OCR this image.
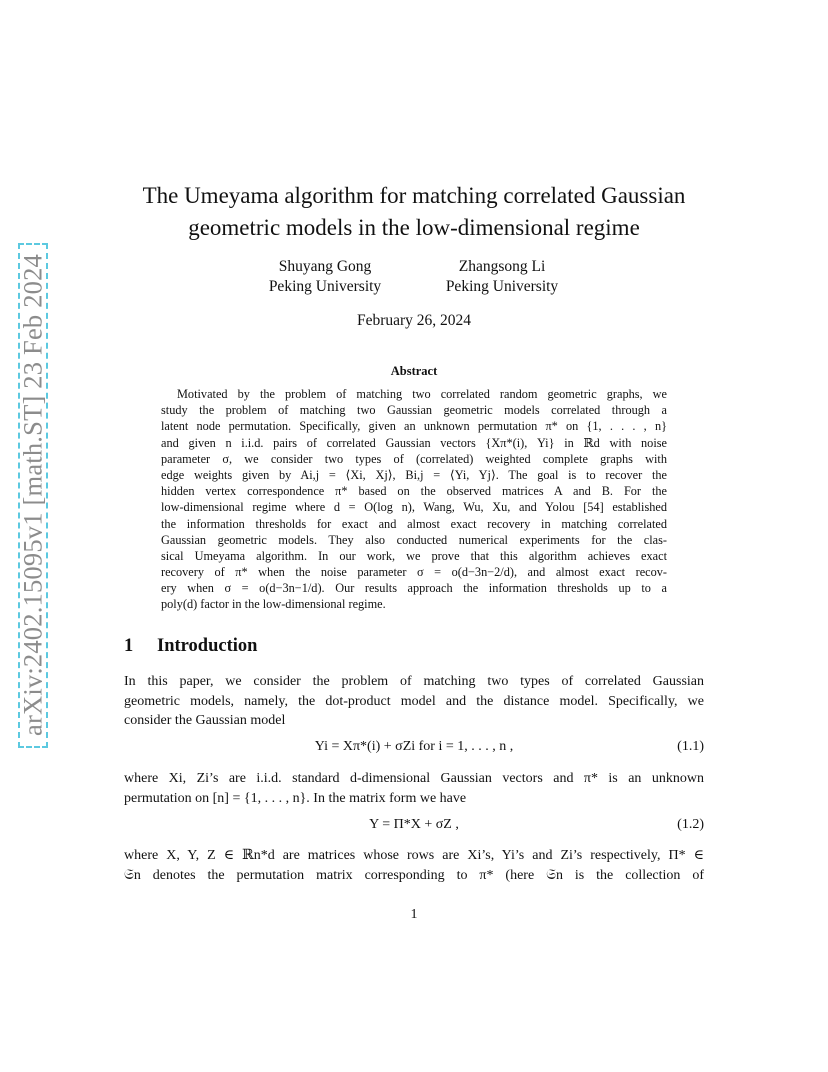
arXiv:2402.15095v1 [math.ST] 23 Feb 2024
The Umeyama algorithm for matching correlated Gaussian
geometric models in the low-dimensional regime
Shuyang Gong
Peking University
Zhangsong Li
Peking University
February 26, 2024
Abstract
Motivated by the problem of matching two correlated random geometric graphs, we
study the problem of matching two Gaussian geometric models correlated through a
latent node permutation. Specifically, given an unknown permutation π* on {1, . . . , n}
and given n i.i.d. pairs of correlated Gaussian vectors {Xπ*(i), Yi} in ℝd with noise
parameter σ, we consider two types of (correlated) weighted complete graphs with
edge weights given by Ai,j = ⟨Xi, Xj⟩, Bi,j = ⟨Yi, Yj⟩. The goal is to recover the
hidden vertex correspondence π* based on the observed matrices A and B. For the
low-dimensional regime where d = O(log n), Wang, Wu, Xu, and Yolou [54] established
the information thresholds for exact and almost exact recovery in matching correlated
Gaussian geometric models. They also conducted numerical experiments for the clas-
sical Umeyama algorithm. In our work, we prove that this algorithm achieves exact
recovery of π* when the noise parameter σ = o(d−3n−2/d), and almost exact recov-
ery when σ = o(d−3n−1/d). Our results approach the information thresholds up to a
poly(d) factor in the low-dimensional regime.
1 Introduction
In this paper, we consider the problem of matching two types of correlated Gaussian
geometric models, namely, the dot-product model and the distance model. Specifically, we
consider the Gaussian model
Yi = Xπ*(i) + σZi for i = 1, . . . , n ,	(1.1)
where Xi, Zi’s are i.i.d. standard d-dimensional Gaussian vectors and π* is an unknown
permutation on [n] = {1, . . . , n}. In the matrix form we have
Y = Π*X + σZ ,	(1.2)
where X, Y, Z ∈ ℝn*d are matrices whose rows are Xi’s, Yi’s and Zi’s respectively, Π* ∈
𝔖n denotes the permutation matrix corresponding to π* (here 𝔖n is the collection of
1
